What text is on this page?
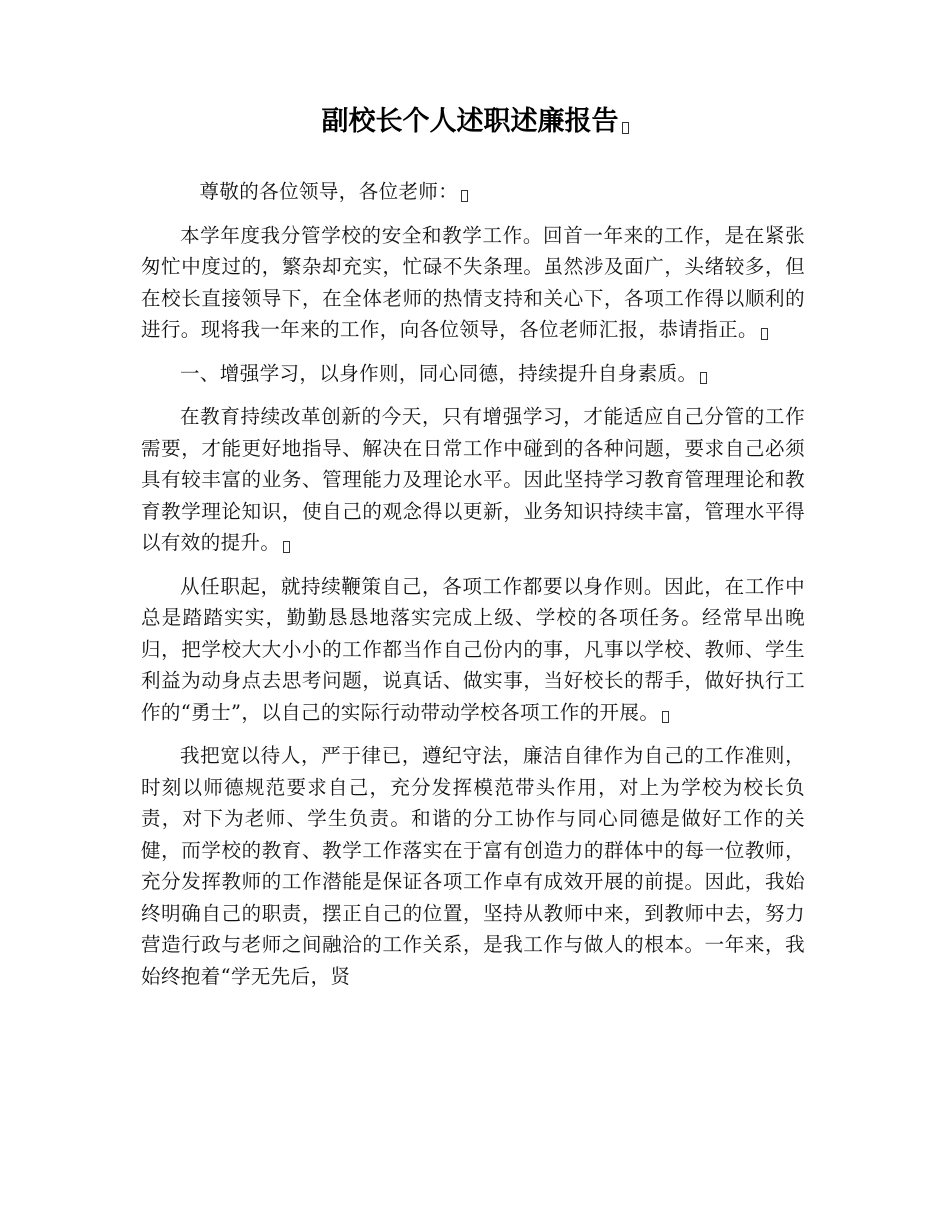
副校长个人述职述廉报告

尊敬的各位领导，各位老师：

本学年度我分管学校的安全和教学工作。回首一年来的工作，是在紧张匆忙中度过的，繁杂却充实，忙碌不失条理。虽然涉及面广，头绪较多，但在校长直接领导下，在全体老师的热情支持和关心下，各项工作得以顺利的进行。现将我一年来的工作，向各位领导，各位老师汇报，恭请指正。

一、增强学习，以身作则，同心同德，持续提升自身素质。

在教育持续改革创新的今天，只有增强学习，才能适应自己分管的工作需要，才能更好地指导、解决在日常工作中碰到的各种问题，要求自己必须具有较丰富的业务、管理能力及理论水平。因此坚持学习教育管理理论和教育教学理论知识，使自己的观念得以更新，业务知识持续丰富，管理水平得以有效的提升。

从任职起，就持续鞭策自己，各项工作都要以身作则。因此，在工作中总是踏踏实实，勤勤恳恳地落实完成上级、学校的各项任务。经常早出晚归，把学校大大小小的工作都当作自己份内的事，凡事以学校、教师、学生利益为动身点去思考问题，说真话、做实事，当好校长的帮手，做好执行工作的“勇士”，以自己的实际行动带动学校各项工作的开展。

我把宽以待人，严于律已，遵纪守法，廉洁自律作为自己的工作准则，时刻以师德规范要求自己，充分发挥模范带头作用，对上为学校为校长负责，对下为老师、学生负责。和谐的分工协作与同心同德是做好工作的关健，而学校的教育、教学工作落实在于富有创造力的群体中的每一位教师，充分发挥教师的工作潜能是保证各项工作卓有成效开展的前提。因此，我始终明确自己的职责，摆正自己的位置，坚持从教师中来，到教师中去，努力营造行政与老师之间融洽的工作关系，是我工作与做人的根本。一年来，我始终抱着“学无先后，贤
